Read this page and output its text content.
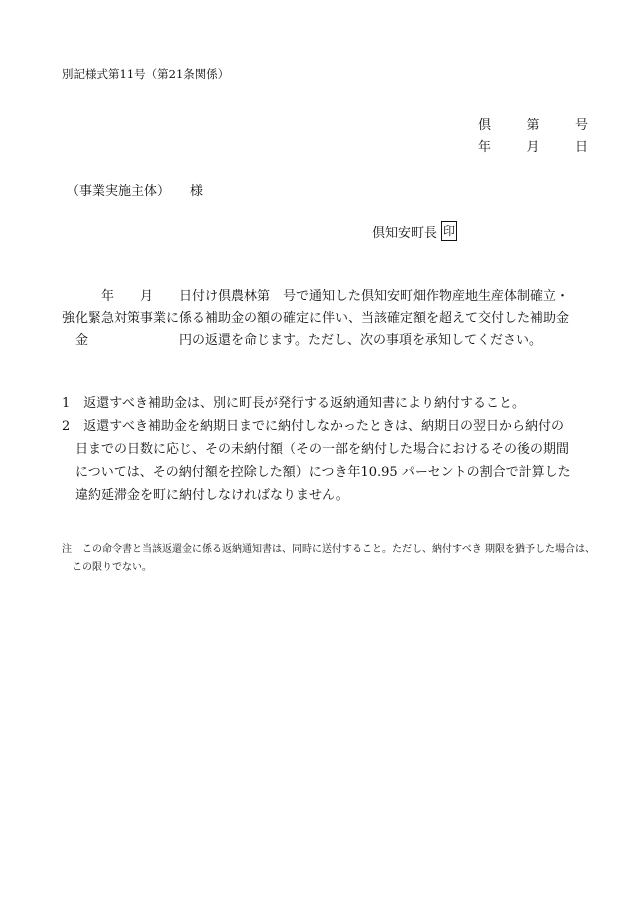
別記様式第11号（第21条関係）
倶	第	号
年	月	日
（事業実施主体） 様
倶知安町長 印
　　　年　　月　　日付け倶農林第　号で通知した倶知安町畑作物産地生産体制確立・
強化緊急対策事業に係る補助金の額の確定に伴い、当該確定額を超えて交付した補助金
　金　　　　　　　円の返還を命じます。ただし、次の事項を承知してください。
1　返還すべき補助金は、別に町長が発行する返納通知書により納付すること。
2　返還すべき補助金を納期日までに納付しなかったときは、納期日の翌日から納付の
　日までの日数に応じ、その未納付額（その一部を納付した場合におけるその後の期間
　については、その納付額を控除した額）につき年10.95 パーセントの割合で計算した
　違約延滞金を町に納付しなければなりません。
注　この命令書と当該返還金に係る返納通知書は、同時に送付すること。ただし、納付すべき 期限を猶予した場合は、
　この限りでない。
